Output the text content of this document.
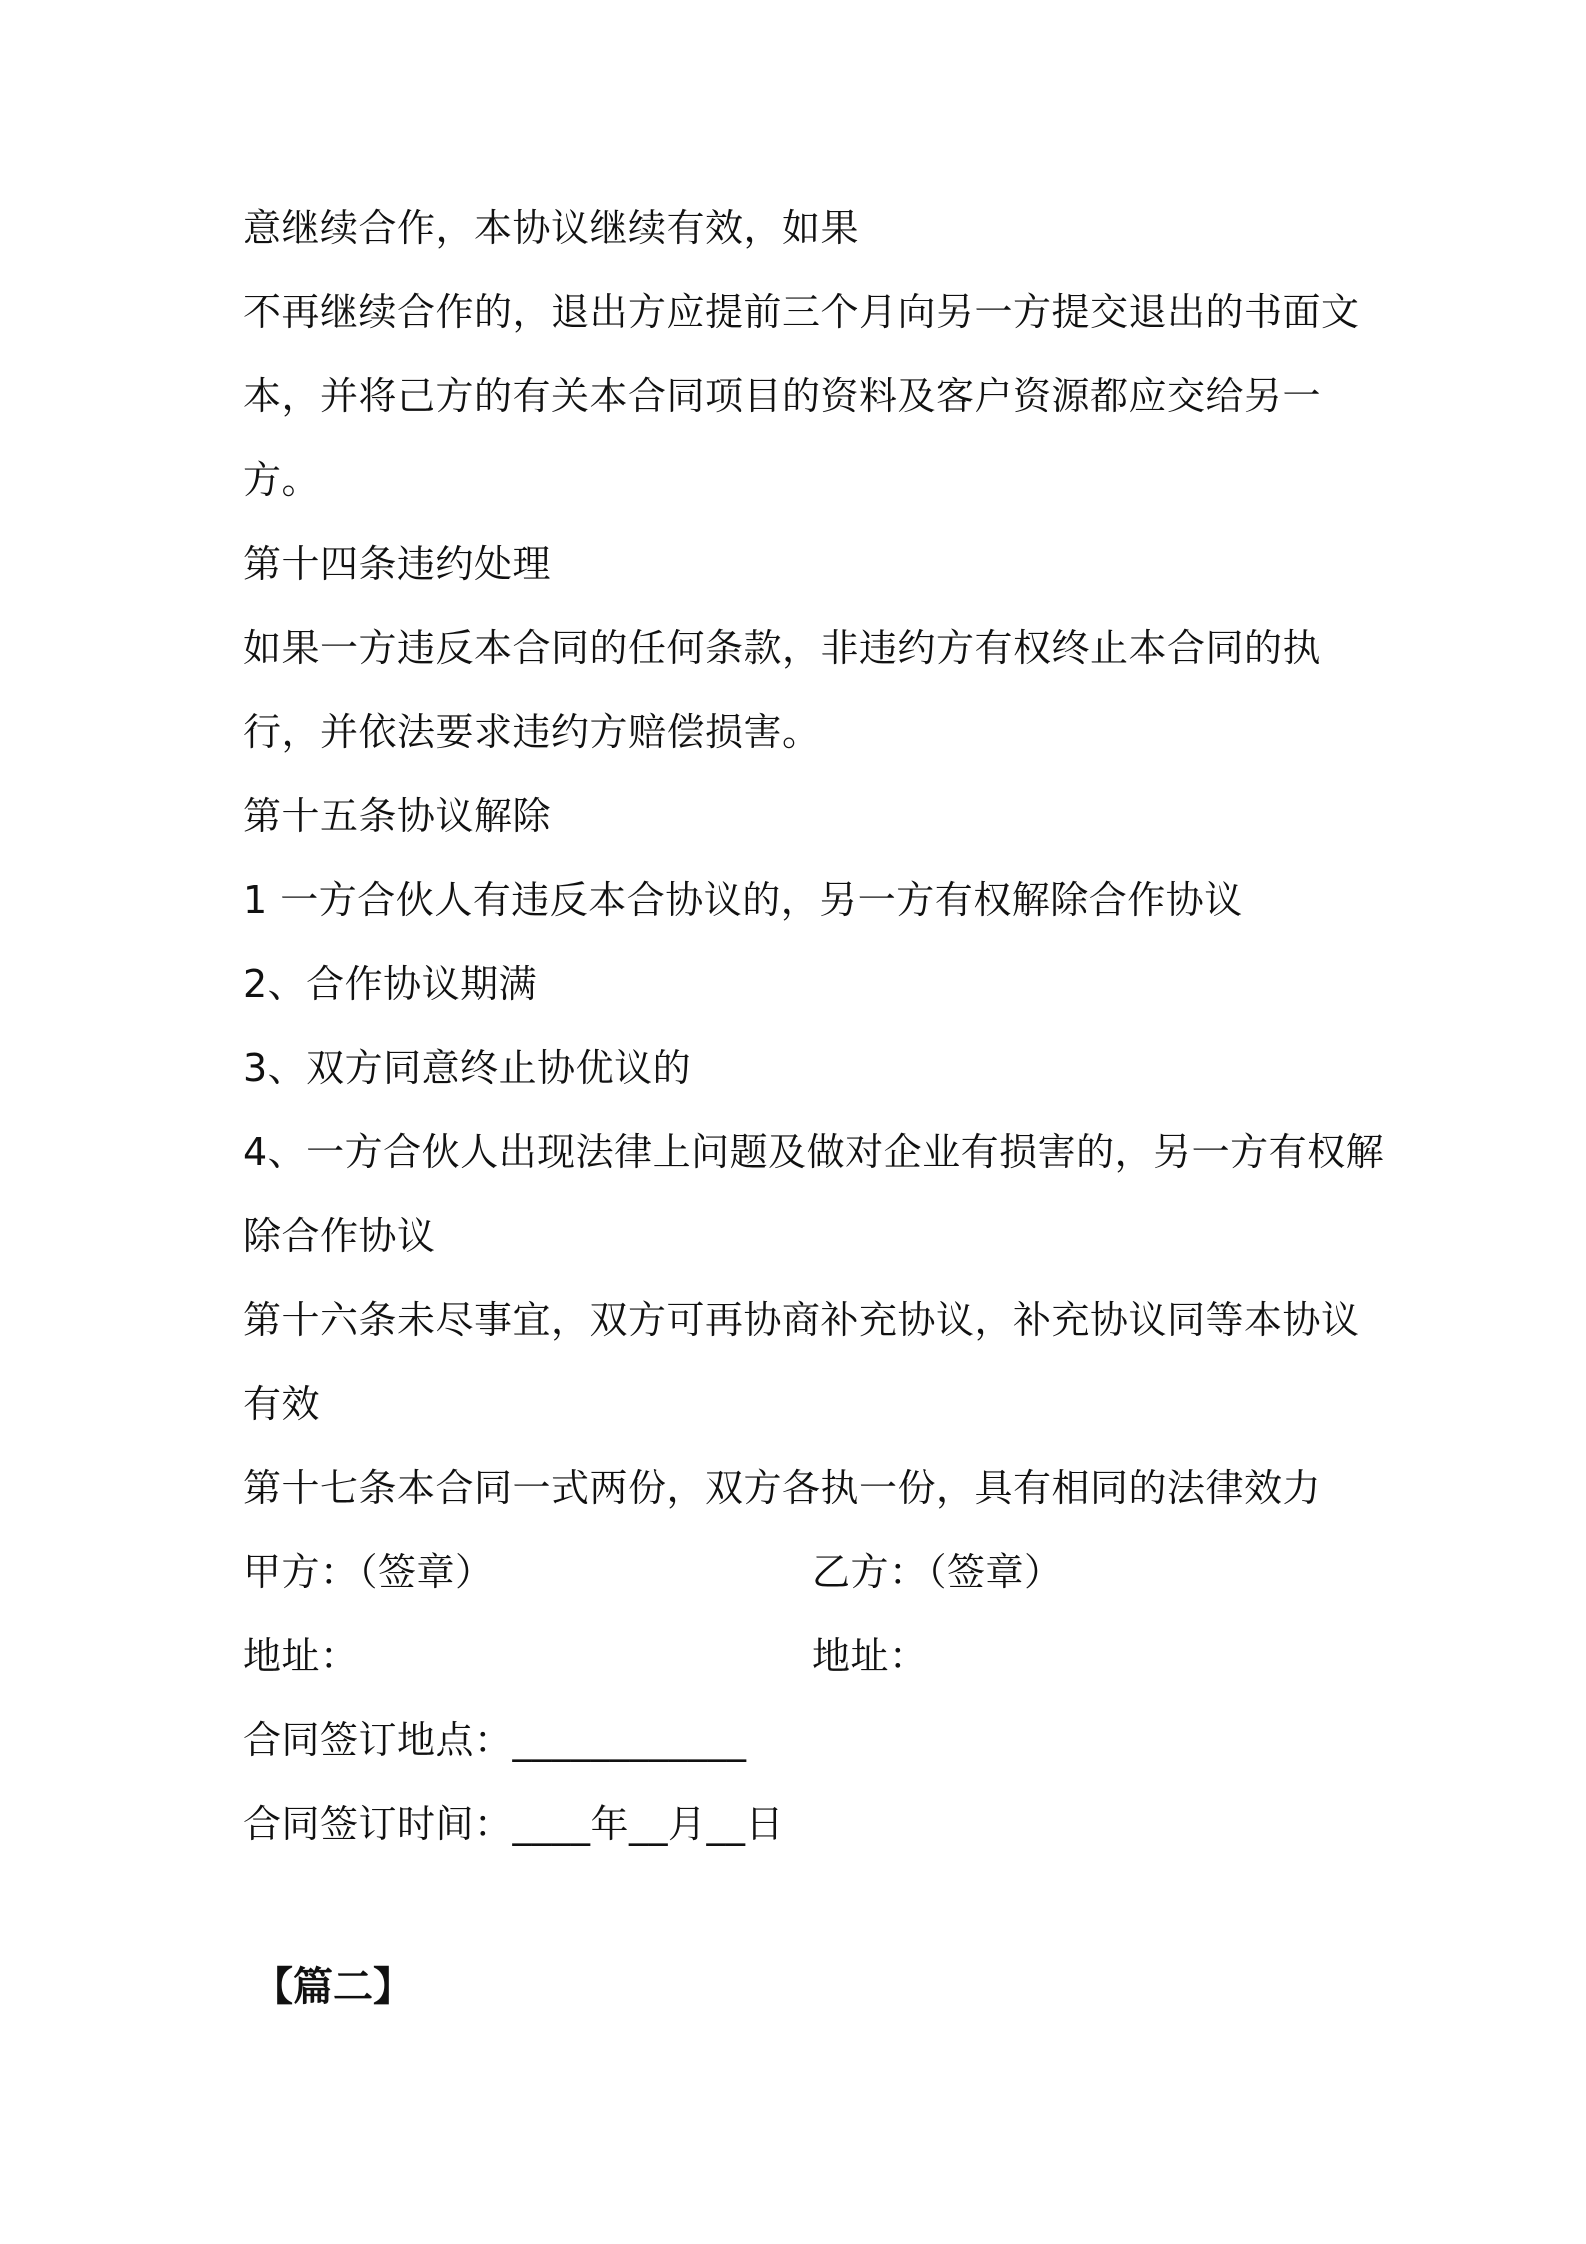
意继续合作，本协议继续有效，如果
不再继续合作的，退出方应提前三个月向另一方提交退出的书面文
本，并将己方的有关本合同项目的资料及客户资源都应交给另一
方。
第十四条违约处理
如果一方违反本合同的任何条款，非违约方有权终止本合同的执
行，并依法要求违约方赔偿损害。
第十五条协议解除
1 一方合伙人有违反本合协议的，另一方有权解除合作协议
2、合作协议期满
3、双方同意终止协优议的
4、一方合伙人出现法律上问题及做对企业有损害的，另一方有权解
除合作协议
第十六条未尽事宜，双方可再协商补充协议，补充协议同等本协议
有效
第十七条本合同一式两份，双方各执一份，具有相同的法律效力
甲方：（签章）	乙方：（签章）
地址：	地址：
合同签订地点：____________
合同签订时间：____年__月__日
【篇二】
